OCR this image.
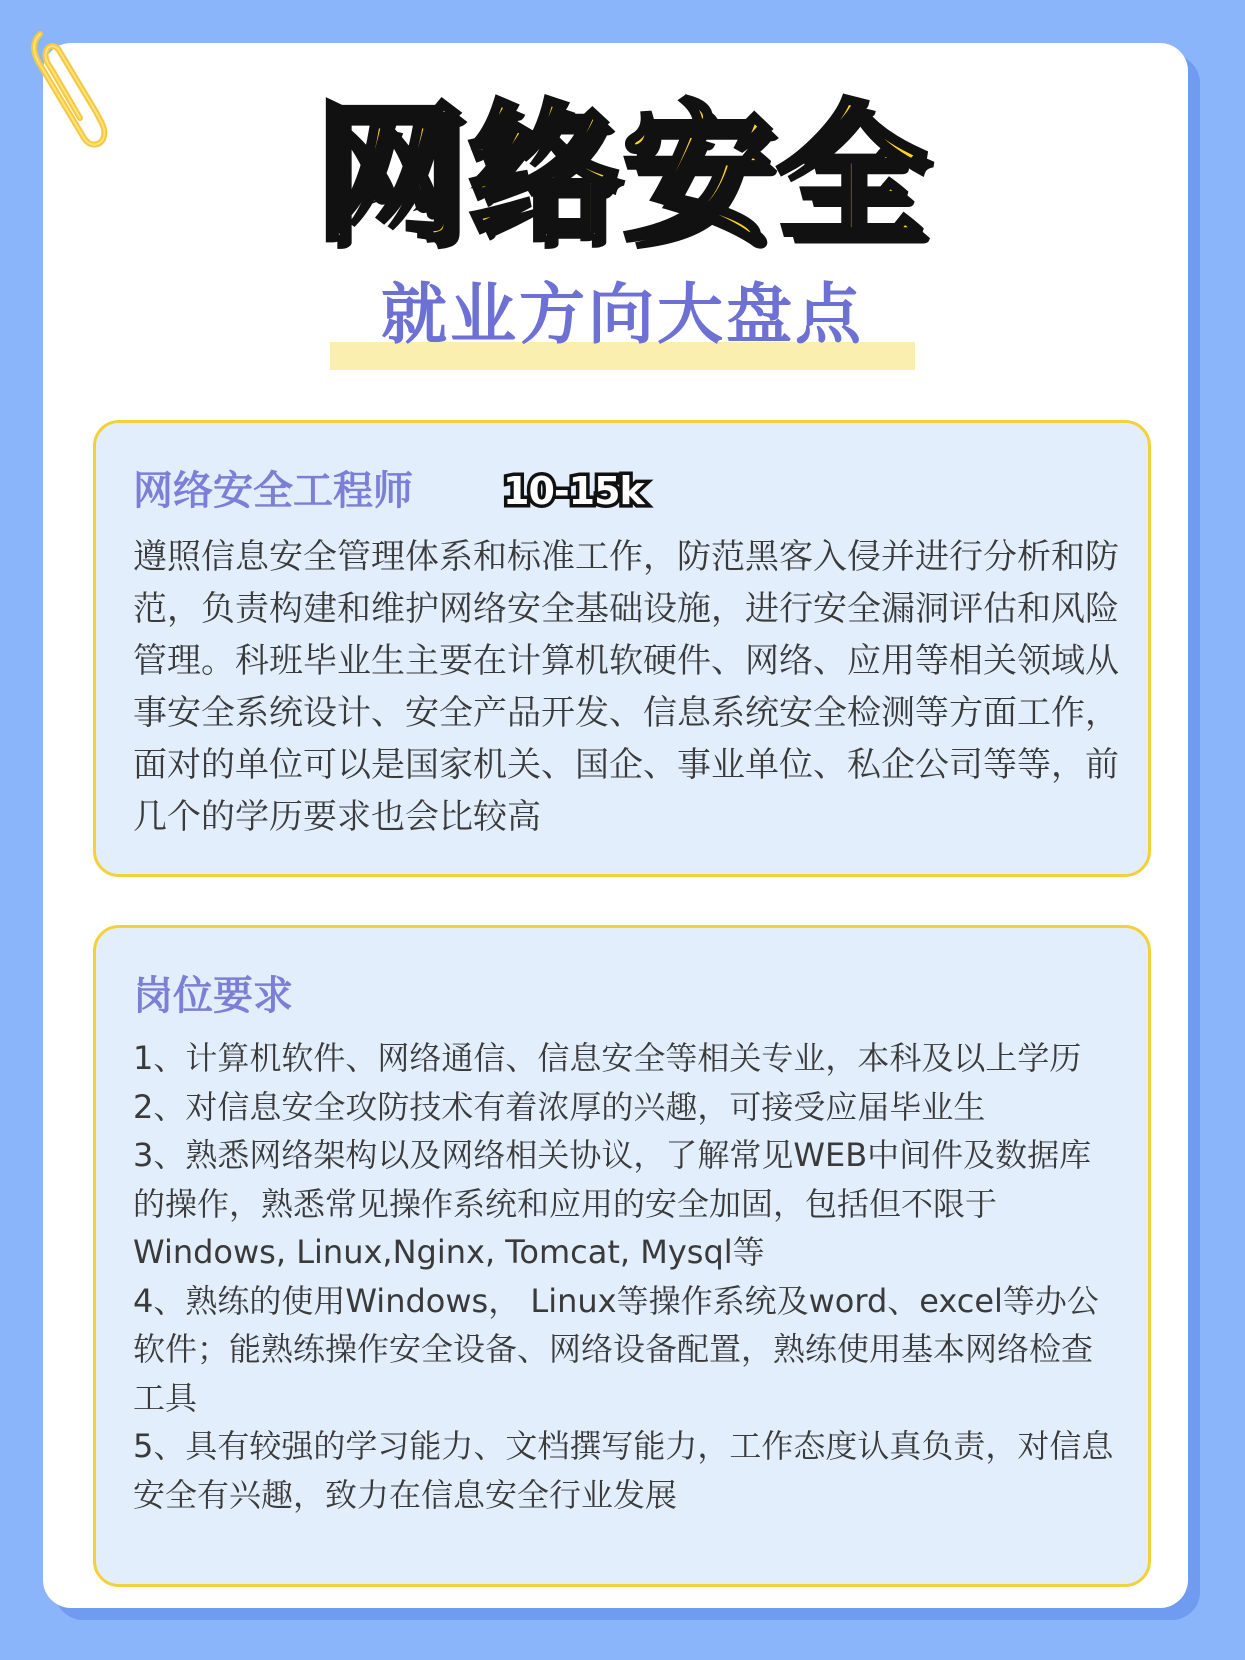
网络安全
就业方向大盘点
网络安全工程师 10-15k
遵照信息安全管理体系和标准工作，防范黑客入侵并进行分析和防范，负责构建和维护网络安全基础设施，进行安全漏洞评估和风险管理。科班毕业生主要在计算机软硬件、网络、应用等相关领域从事安全系统设计、安全产品开发、信息系统安全检测等方面工作，面对的单位可以是国家机关、国企、事业单位、私企公司等等，前几个的学历要求也会比较高
岗位要求
1、计算机软件、网络通信、信息安全等相关专业，本科及以上学历
2、对信息安全攻防技术有着浓厚的兴趣，可接受应届毕业生
3、熟悉网络架构以及网络相关协议，了解常见WEB中间件及数据库的操作，熟悉常见操作系统和应用的安全加固，包括但不限于Windows, Linux,Nginx, Tomcat, Mysql等
4、熟练的使用Windows， Linux等操作系统及word、excel等办公软件；能熟练操作安全设备、网络设备配置，熟练使用基本网络检查工具
5、具有较强的学习能力、文档撰写能力，工作态度认真负责，对信息安全有兴趣，致力在信息安全行业发展
